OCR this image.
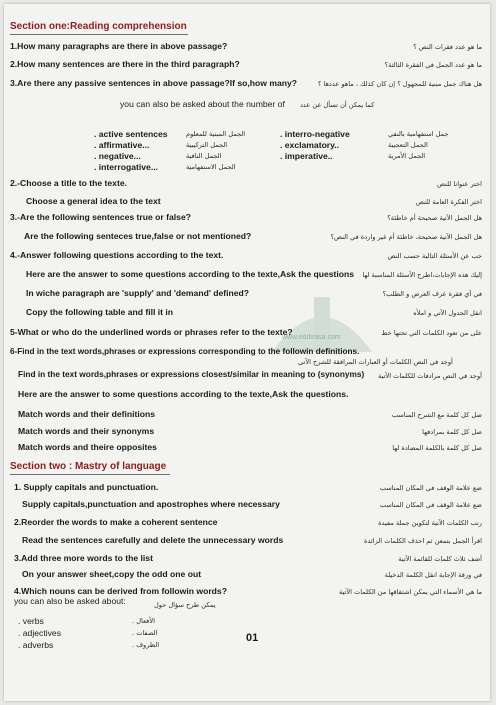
www.eddirasa.com
Section one:Reading comprehension
1.How many paragraphs are there in above passage?	ما هو عدد فقرات النص ؟
2.How many sentences are there in the third paragraph?	ما هو عدد الجمل في الفقرة الثالثة؟
3.Are there any passive sentences in above passage?If so,how many?	هل هناك جمل مبنية للمجهول ؟ إن كان كذلك ، ماهو عددها ؟
you can also be asked about the number of كما يمكن أن تسأل عن عدد
. active sentences	الجمل المبنية للمعلوم
. affirmative...	الجمل التركيبية
. negative...	الجمل النافية
. interrogative...	الجمل الاستفهامية
. interro-negative	جمل استفهامية بالنفي
. exclamatory..	الجمل التعجبية
. imperative..	الجمل الأمرية
2.-Choose a title to the texte.	اختر عنوانا للنص
Choose a general idea to the text	اختر الفكرة العامة للنص
3.-Are the following sentences true or false?	هل الجمل الآتية صحيحة أم خاطئة؟
Are the following senteces true,false or not mentioned?	هل الجمل الآتية صحيحة، خاطئة أم غير واردة في النص؟
4.-Answer following questions according to the text.	جب عن الأسئلة التالية حسب النص
Here are the answer to some questions according to the texte,Ask the questions إليك هذه الإجابات،اطرح الأسئلة المناسبة لها
In wiche paragraph are 'supply' and 'demand' defined?	في أي فقرة عرف العرض و الطلب؟
Copy the following table and fill it in	انقل الجدول الآتي و املأه
5-What or who do the underlined words or phrases refer to the texte?	على من تعود الكلمات التي تحتها خط
6-Find in the text words,phrases or expressions corresponding to the followin definitions.
أوجد في النص الكلمات أو العبارات المرافقة للشرح الآتي
Find in the text words,phrases or expressions closest/similar in meaning to (synonyms) أوجد في النص مرادفات للكلمات الآتية
Here are the answer to some questions according to the texte,Ask the questions.
Match words and their definitions	صل كل كلمة مع الشرح المناسب
Match words and their synonyms	صل كل كلمة بمرادفها
Match words and theire opposites	صل كل كلمة بالكلمة المضادة لها
Section two : Mastry of language
1. Supply capitals and punctuation.	ضع علامة الوقف في المكان المناسب
Supply capitals,punctuation and apostrophes where necessary	ضع علامة الوقف في المكان المناسب
2.Reorder the words to make a coherent sentence	رتب الكلمات الآتية لتكوين جملة مفيدة
Read the sentences carefully and delete the unnecessary words	اقرأ الجمل بتمعن ثم احذف الكلمات الزائدة
3.Add three more words to the list	أضف ثلاث كلمات للقائمة الآتية
On your answer sheet,copy the odd one out	في ورقة الإجابة انقل الكلمة الدخيلة
4.Which nouns can be derived from followin words?	ما هي الأسماء التي يمكن اشتقاقها من الكلمات الآتية
you can also be asked about:	يمكن طرح سؤال حول
. verbs	الأفعال .
. adjectives	الصفات .
. adverbs	الظروف .
01
